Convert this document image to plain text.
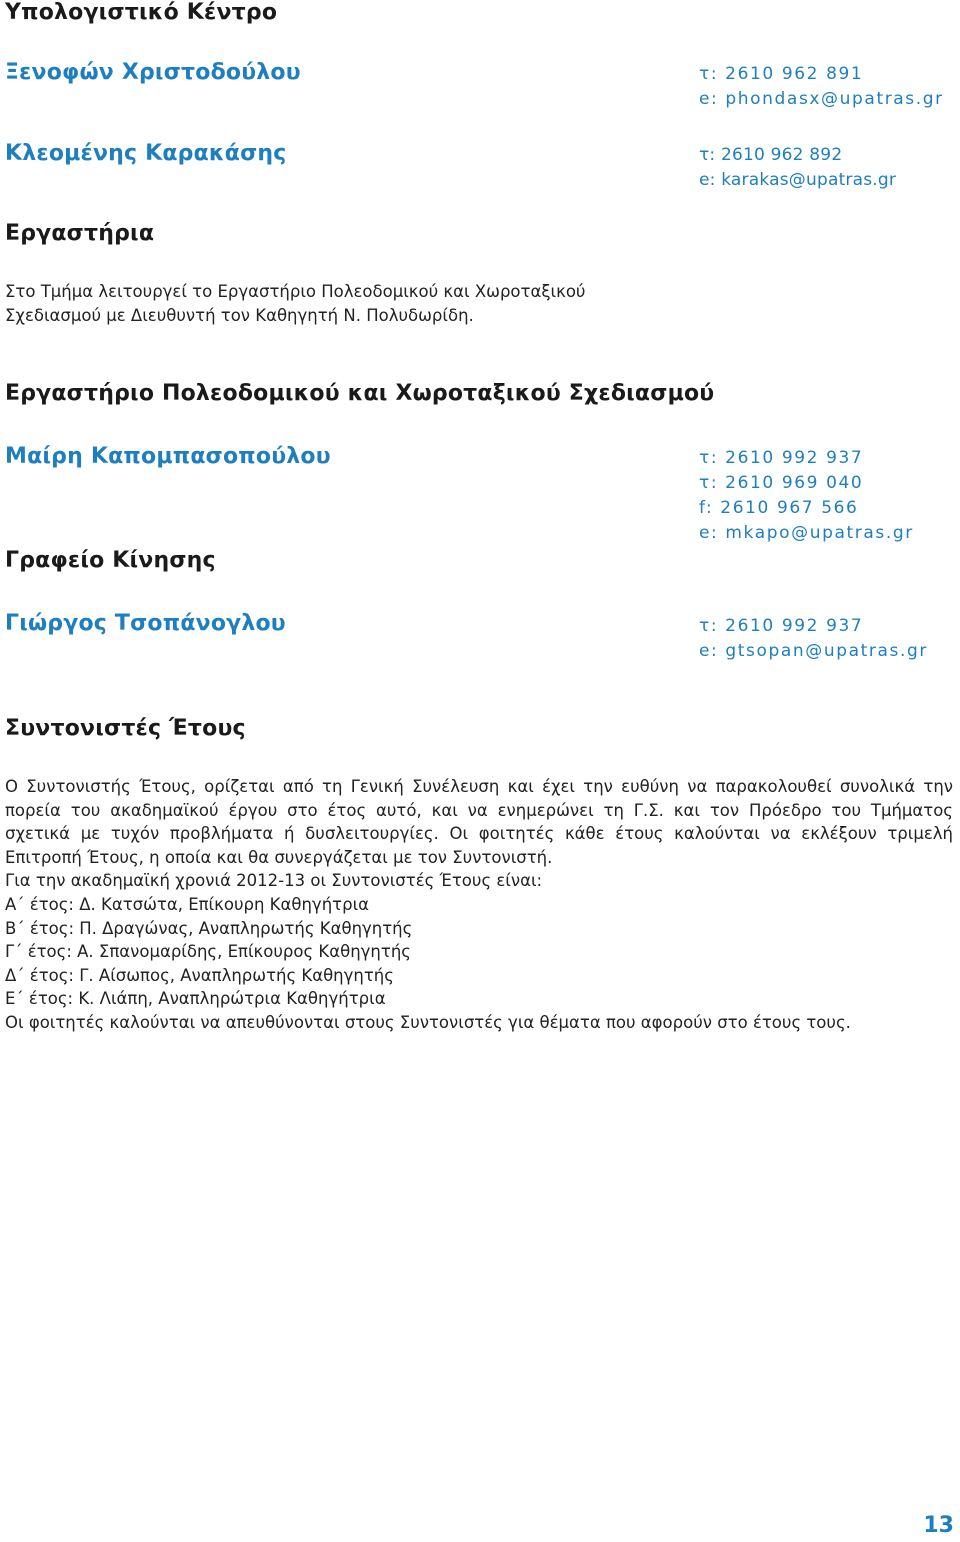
Υπολογιστικό Κέντρο
Ξενοφών Χριστοδούλου	τ: 2610 962 891
e: phondasx@upatras.gr
Κλεομένης Καρακάσης	τ: 2610 962 892
e: karakas@upatras.gr
Εργαστήρια
Στο Τμήμα λειτουργεί το Εργαστήριο Πολεοδομικού και Χωροταξικού
Σχεδιασμού με Διευθυντή τον Καθηγητή Ν. Πολυδωρίδη.
Εργαστήριο Πολεοδομικού και Χωροταξικού Σχεδιασμού
Μαίρη Καπομπασοπούλου	τ: 2610 992 937
τ: 2610 969 040
f: 2610 967 566
e: mkapo@upatras.gr
Γραφείο Κίνησης
Γιώργος Τσοπάνογλου	τ: 2610 992 937
e: gtsopan@upatras.gr
Συντονιστές Έτους
Ο Συντονιστής Έτους, ορίζεται από τη Γενική Συνέλευση και έχει την ευθύνη να παρακολουθεί συνολικά την
πορεία του ακαδημαϊκού έργου στο έτος αυτό, και να ενημερώνει τη Γ.Σ. και τον Πρόεδρο του Τμήματος
σχετικά με τυχόν προβλήματα ή δυσλειτουργίες. Οι φοιτητές κάθε έτους καλούνται να εκλέξουν τριμελή
Επιτροπή Έτους, η οποία και θα συνεργάζεται με τον Συντονιστή.
Για την ακαδημαϊκή χρονιά 2012-13 οι Συντονιστές Έτους είναι:
Α΄ έτος: Δ. Κατσώτα, Επίκουρη Καθηγήτρια
Β΄ έτος: Π. Δραγώνας, Αναπληρωτής Καθηγητής
Γ΄ έτος: Α. Σπανομαρίδης, Επίκουρος Καθηγητής
Δ΄ έτος: Γ. Αίσωπος, Αναπληρωτής Καθηγητής
Ε΄ έτος: Κ. Λιάπη, Αναπληρώτρια Καθηγήτρια
Οι φοιτητές καλούνται να απευθύνονται στους Συντονιστές για θέματα που αφορούν στο έτους τους.
13
